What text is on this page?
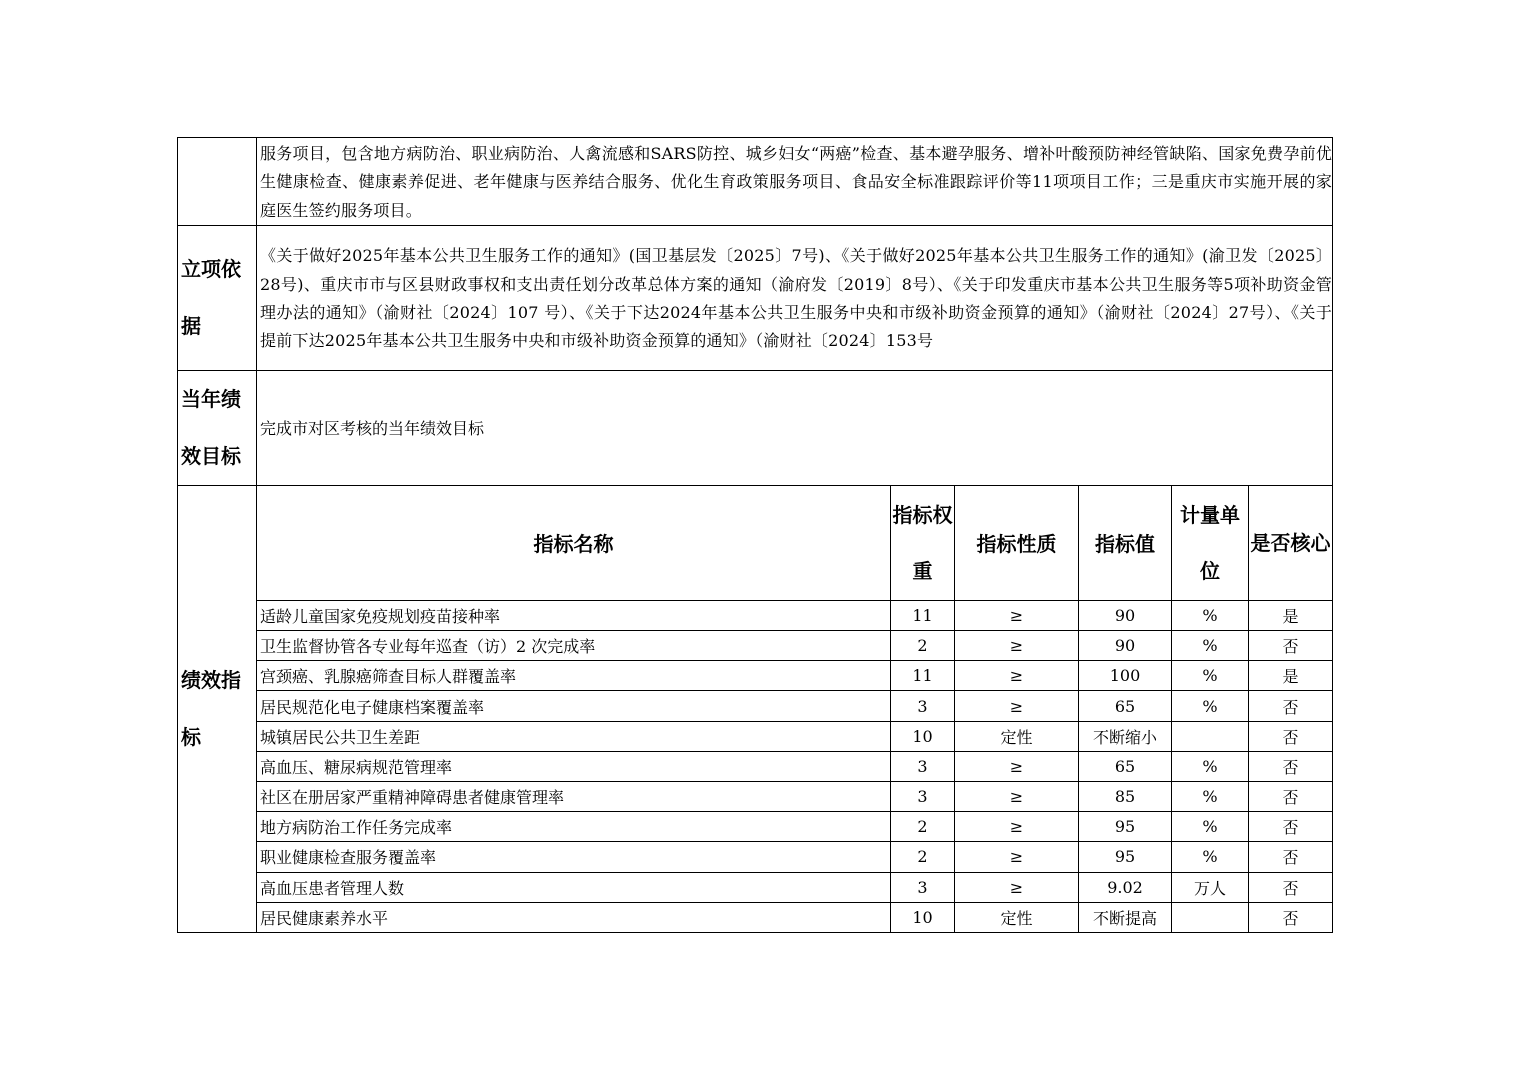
	服务项目，包含地方病防治、职业病防治、人禽流感和SARS防控、城乡妇女“两癌”检查、基本避孕服务、增补叶酸预防神经管缺陷、国家免费孕前优生健康检查、健康素养促进、老年健康与医养结合服务、优化生育政策服务项目、食品安全标准跟踪评价等11项项目工作；三是重庆市实施开展的家庭医生签约服务项目。					
立项依据	《关于做好2025年基本公共卫生服务工作的通知》(国卫基层发〔2025〕7号)、《关于做好2025年基本公共卫生服务工作的通知》(渝卫发〔2025〕28号)、重庆市市与区县财政事权和支出责任划分改革总体方案的通知（渝府发〔2019〕8号）、《关于印发重庆市基本公共卫生服务等5项补助资金管理办法的通知》（渝财社〔2024〕107 号）、《关于下达2024年基本公共卫生服务中央和市级补助资金预算的通知》（渝财社〔2024〕27号）、《关于提前下达2025年基本公共卫生服务中央和市级补助资金预算的通知》（渝财社〔2024〕153号					
当年绩效目标	完成市对区考核的当年绩效目标					
绩效指标	指标名称	指标权重	指标性质	指标值	计量单位	是否核心
	适龄儿童国家免疫规划疫苗接种率	11	≥	90	%	是
	卫生监督协管各专业每年巡查（访）2 次完成率	2	≥	90	%	否
	宫颈癌、乳腺癌筛查目标人群覆盖率	11	≥	100	%	是
	居民规范化电子健康档案覆盖率	3	≥	65	%	否
	城镇居民公共卫生差距	10	定性	不断缩小		否
	高血压、糖尿病规范管理率	3	≥	65	%	否
	社区在册居家严重精神障碍患者健康管理率	3	≥	85	%	否
	地方病防治工作任务完成率	2	≥	95	%	否
	职业健康检查服务覆盖率	2	≥	95	%	否
	高血压患者管理人数	3	≥	9.02	万人	否
	居民健康素养水平	10	定性	不断提高		否
